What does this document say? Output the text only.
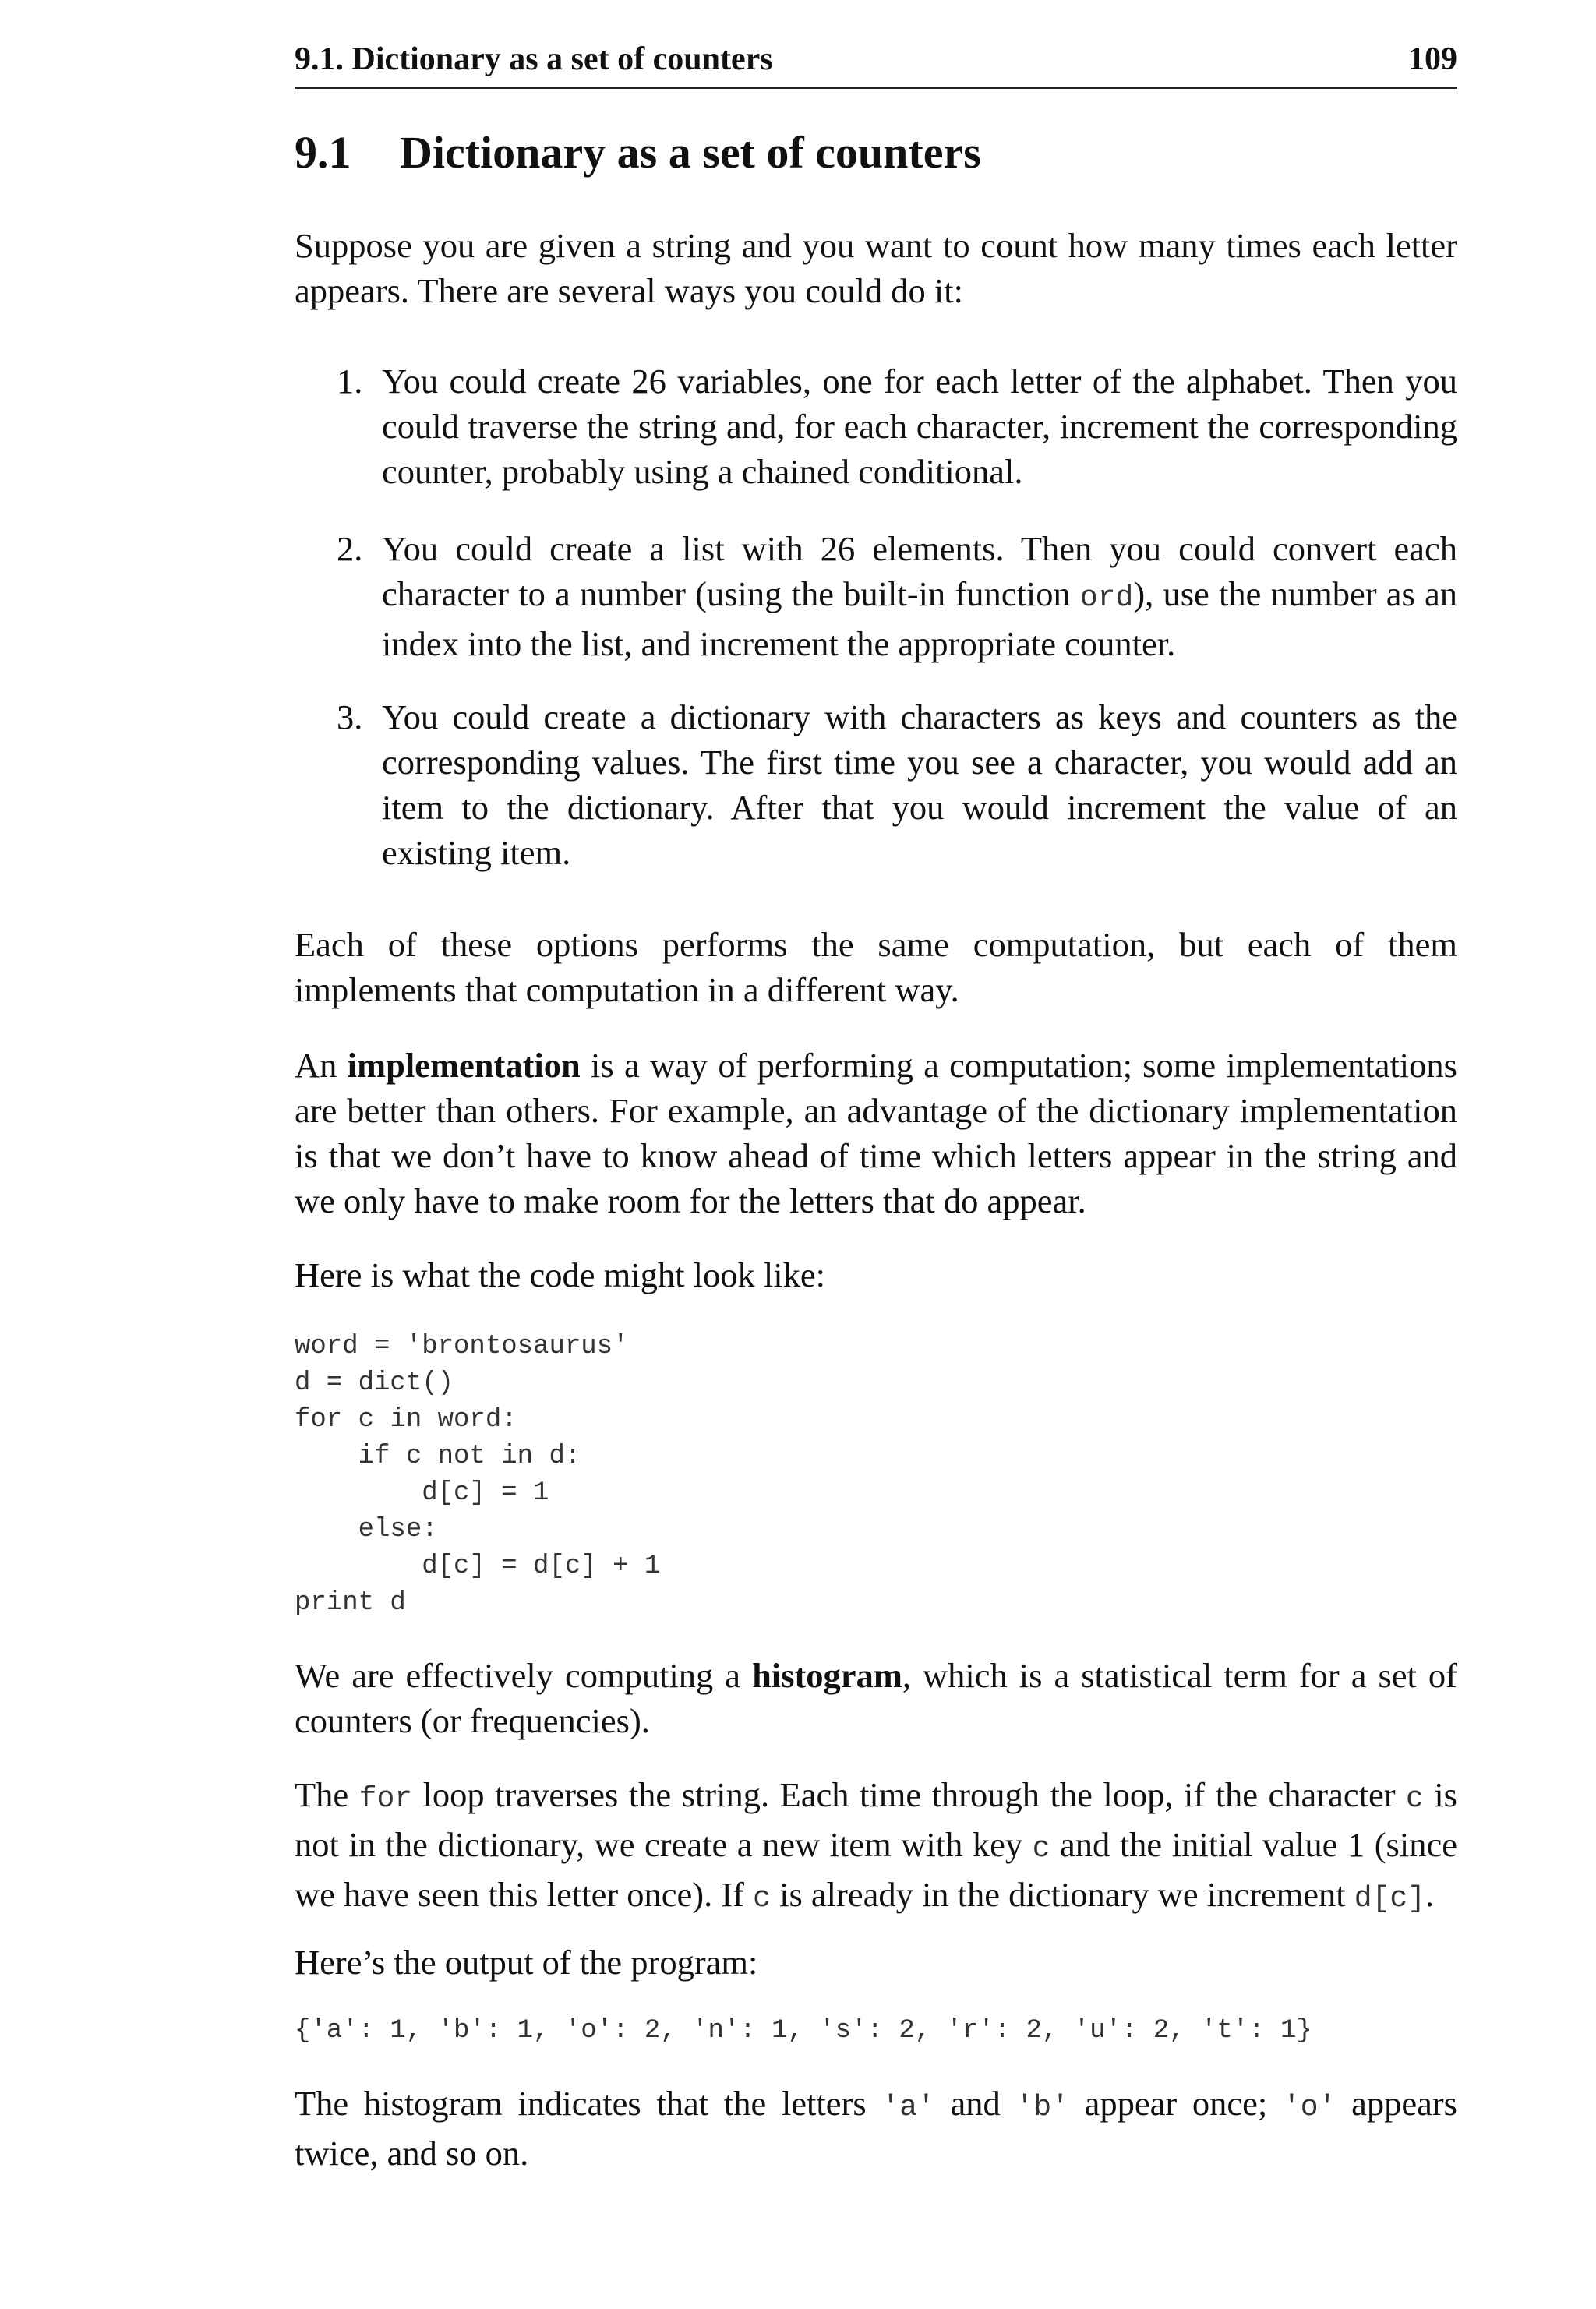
9.1. Dictionary as a set of counters	109
9.1 Dictionary as a set of counters

Suppose you are given a string and you want to count how many times each letter appears. There are several ways you could do it:

1. You could create 26 variables, one for each letter of the alphabet. Then you could traverse the string and, for each character, increment the corresponding counter, probably using a chained conditional.

2. You could create a list with 26 elements. Then you could convert each character to a number (using the built-in function ord), use the number as an index into the list, and increment the appropriate counter.

3. You could create a dictionary with characters as keys and counters as the corresponding values. The first time you see a character, you would add an item to the dictionary. After that you would increment the value of an existing item.

Each of these options performs the same computation, but each of them implements that computation in a different way.

An implementation is a way of performing a computation; some implementations are better than others. For example, an advantage of the dictionary implementation is that we don’t have to know ahead of time which letters appear in the string and we only have to make room for the letters that do appear.

Here is what the code might look like:

word = 'brontosaurus'
d = dict()
for c in word:
if c not in d:
d[c] = 1
else:
d[c] = d[c] + 1
print d

We are effectively computing a histogram, which is a statistical term for a set of counters (or frequencies).

The for loop traverses the string. Each time through the loop, if the character c is not in the dictionary, we create a new item with key c and the initial value 1 (since we have seen this letter once). If c is already in the dictionary we increment d[c].

Here’s the output of the program:

{'a': 1, 'b': 1, 'o': 2, 'n': 1, 's': 2, 'r': 2, 'u': 2, 't': 1}

The histogram indicates that the letters 'a' and 'b' appear once; 'o' appears twice, and so on.
